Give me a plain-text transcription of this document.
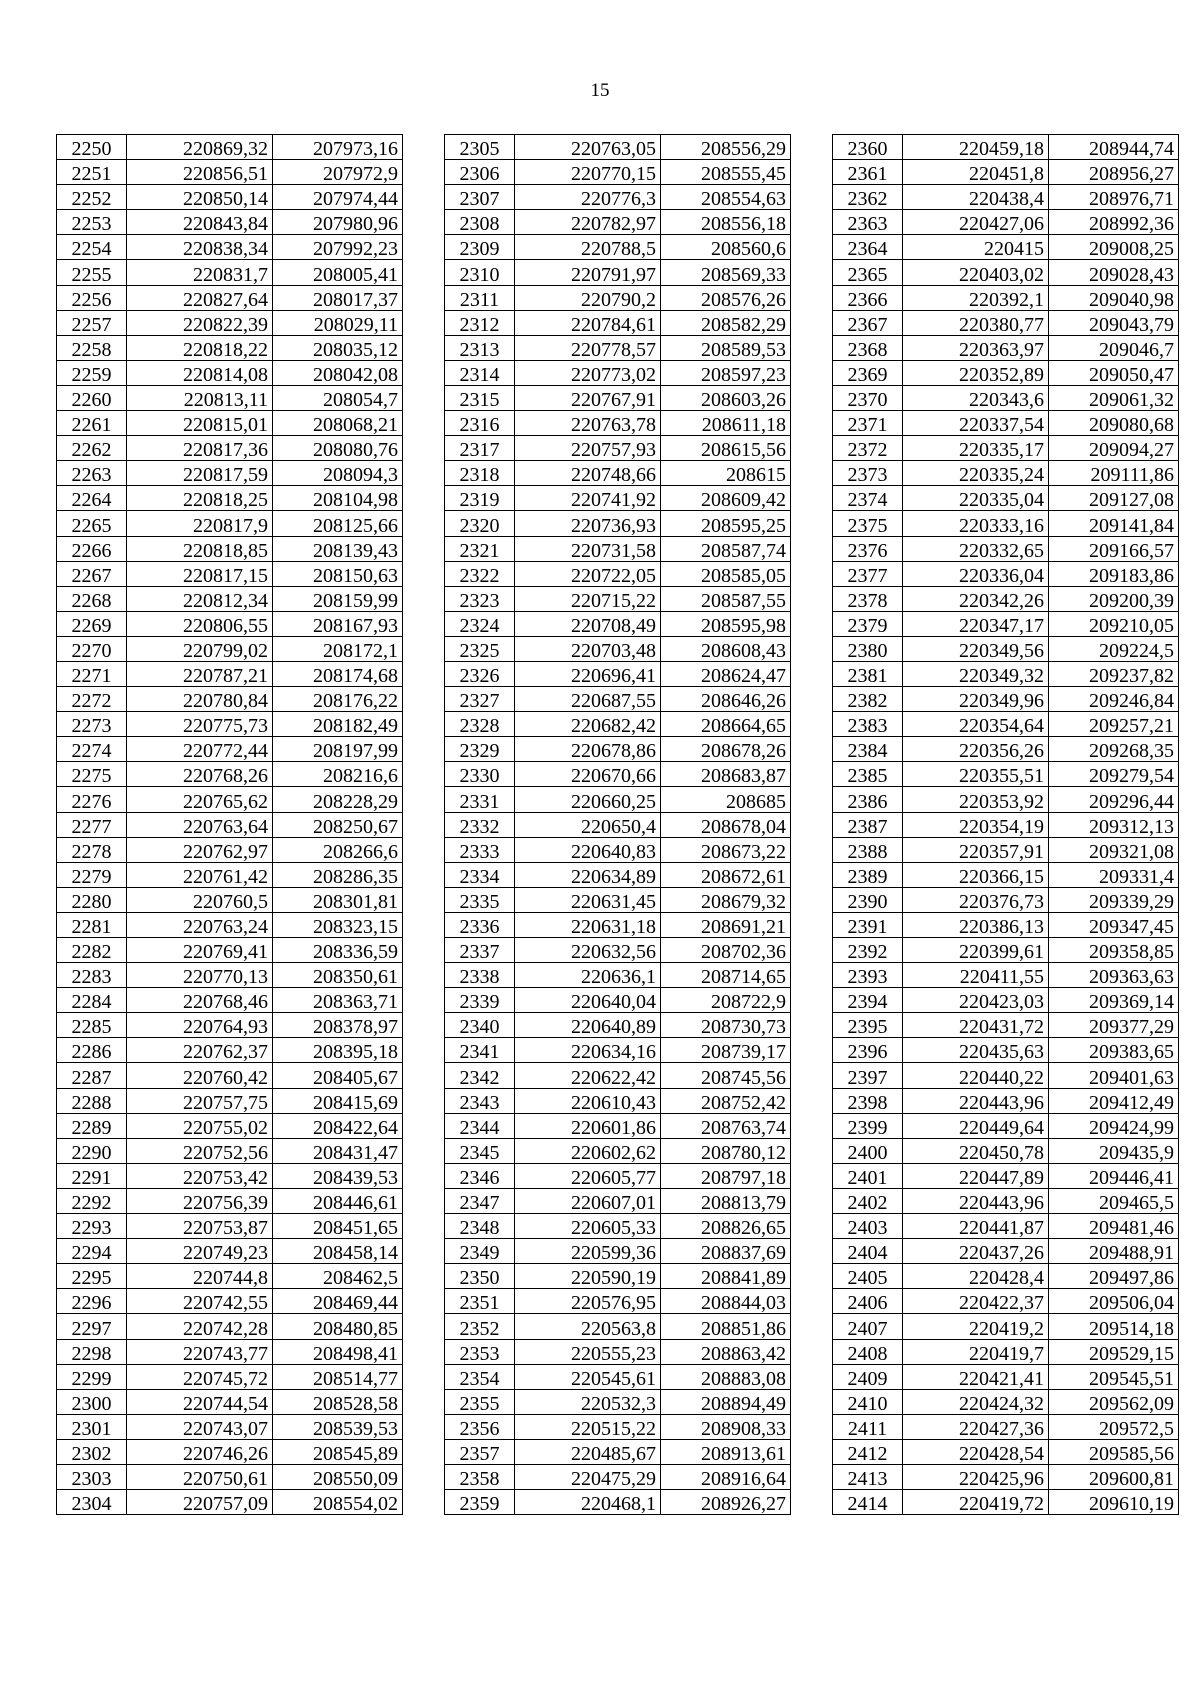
15
2250	220869,32	207973,16
2251	220856,51	207972,9
2252	220850,14	207974,44
2253	220843,84	207980,96
2254	220838,34	207992,23
2255	220831,7	208005,41
2256	220827,64	208017,37
2257	220822,39	208029,11
2258	220818,22	208035,12
2259	220814,08	208042,08
2260	220813,11	208054,7
2261	220815,01	208068,21
2262	220817,36	208080,76
2263	220817,59	208094,3
2264	220818,25	208104,98
2265	220817,9	208125,66
2266	220818,85	208139,43
2267	220817,15	208150,63
2268	220812,34	208159,99
2269	220806,55	208167,93
2270	220799,02	208172,1
2271	220787,21	208174,68
2272	220780,84	208176,22
2273	220775,73	208182,49
2274	220772,44	208197,99
2275	220768,26	208216,6
2276	220765,62	208228,29
2277	220763,64	208250,67
2278	220762,97	208266,6
2279	220761,42	208286,35
2280	220760,5	208301,81
2281	220763,24	208323,15
2282	220769,41	208336,59
2283	220770,13	208350,61
2284	220768,46	208363,71
2285	220764,93	208378,97
2286	220762,37	208395,18
2287	220760,42	208405,67
2288	220757,75	208415,69
2289	220755,02	208422,64
2290	220752,56	208431,47
2291	220753,42	208439,53
2292	220756,39	208446,61
2293	220753,87	208451,65
2294	220749,23	208458,14
2295	220744,8	208462,5
2296	220742,55	208469,44
2297	220742,28	208480,85
2298	220743,77	208498,41
2299	220745,72	208514,77
2300	220744,54	208528,58
2301	220743,07	208539,53
2302	220746,26	208545,89
2303	220750,61	208550,09
2304	220757,09	208554,02
2305	220763,05	208556,29
2306	220770,15	208555,45
2307	220776,3	208554,63
2308	220782,97	208556,18
2309	220788,5	208560,6
2310	220791,97	208569,33
2311	220790,2	208576,26
2312	220784,61	208582,29
2313	220778,57	208589,53
2314	220773,02	208597,23
2315	220767,91	208603,26
2316	220763,78	208611,18
2317	220757,93	208615,56
2318	220748,66	208615
2319	220741,92	208609,42
2320	220736,93	208595,25
2321	220731,58	208587,74
2322	220722,05	208585,05
2323	220715,22	208587,55
2324	220708,49	208595,98
2325	220703,48	208608,43
2326	220696,41	208624,47
2327	220687,55	208646,26
2328	220682,42	208664,65
2329	220678,86	208678,26
2330	220670,66	208683,87
2331	220660,25	208685
2332	220650,4	208678,04
2333	220640,83	208673,22
2334	220634,89	208672,61
2335	220631,45	208679,32
2336	220631,18	208691,21
2337	220632,56	208702,36
2338	220636,1	208714,65
2339	220640,04	208722,9
2340	220640,89	208730,73
2341	220634,16	208739,17
2342	220622,42	208745,56
2343	220610,43	208752,42
2344	220601,86	208763,74
2345	220602,62	208780,12
2346	220605,77	208797,18
2347	220607,01	208813,79
2348	220605,33	208826,65
2349	220599,36	208837,69
2350	220590,19	208841,89
2351	220576,95	208844,03
2352	220563,8	208851,86
2353	220555,23	208863,42
2354	220545,61	208883,08
2355	220532,3	208894,49
2356	220515,22	208908,33
2357	220485,67	208913,61
2358	220475,29	208916,64
2359	220468,1	208926,27
2360	220459,18	208944,74
2361	220451,8	208956,27
2362	220438,4	208976,71
2363	220427,06	208992,36
2364	220415	209008,25
2365	220403,02	209028,43
2366	220392,1	209040,98
2367	220380,77	209043,79
2368	220363,97	209046,7
2369	220352,89	209050,47
2370	220343,6	209061,32
2371	220337,54	209080,68
2372	220335,17	209094,27
2373	220335,24	209111,86
2374	220335,04	209127,08
2375	220333,16	209141,84
2376	220332,65	209166,57
2377	220336,04	209183,86
2378	220342,26	209200,39
2379	220347,17	209210,05
2380	220349,56	209224,5
2381	220349,32	209237,82
2382	220349,96	209246,84
2383	220354,64	209257,21
2384	220356,26	209268,35
2385	220355,51	209279,54
2386	220353,92	209296,44
2387	220354,19	209312,13
2388	220357,91	209321,08
2389	220366,15	209331,4
2390	220376,73	209339,29
2391	220386,13	209347,45
2392	220399,61	209358,85
2393	220411,55	209363,63
2394	220423,03	209369,14
2395	220431,72	209377,29
2396	220435,63	209383,65
2397	220440,22	209401,63
2398	220443,96	209412,49
2399	220449,64	209424,99
2400	220450,78	209435,9
2401	220447,89	209446,41
2402	220443,96	209465,5
2403	220441,87	209481,46
2404	220437,26	209488,91
2405	220428,4	209497,86
2406	220422,37	209506,04
2407	220419,2	209514,18
2408	220419,7	209529,15
2409	220421,41	209545,51
2410	220424,32	209562,09
2411	220427,36	209572,5
2412	220428,54	209585,56
2413	220425,96	209600,81
2414	220419,72	209610,19
